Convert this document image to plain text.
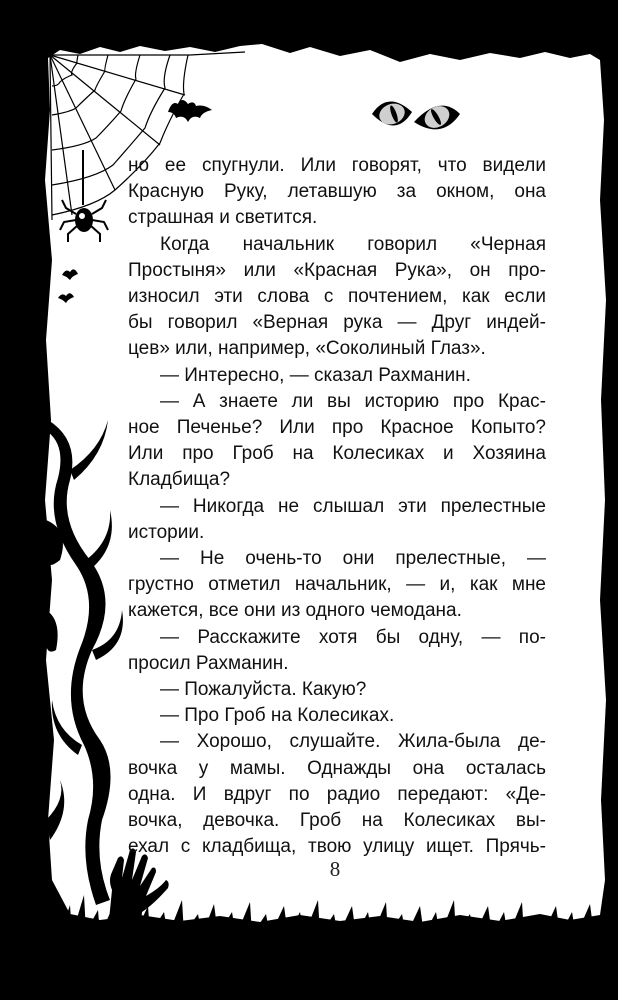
но ее спугнули. Или говорят, что видели
Красную Руку, летавшую за окном, она
страшная и светится.
Когда начальник говорил «Черная
Простыня» или «Красная Рука», он про-
износил эти слова с почтением, как если
бы говорил «Верная рука — Друг индей-
цев» или, например, «Соколиный Глаз».
— Интересно, — сказал Рахманин.
— А знаете ли вы историю про Крас-
ное Печенье? Или про Красное Копыто?
Или про Гроб на Колесиках и Хозяина
Кладбища?
— Никогда не слышал эти прелестные
истории.
— Не очень-то они прелестные, —
грустно отметил начальник, — и, как мне
кажется, все они из одного чемодана.
— Расскажите хотя бы одну, — по-
просил Рахманин.
— Пожалуйста. Какую?
— Про Гроб на Колесиках.
— Хорошо, слушайте. Жила-была де-
вочка у мамы. Однажды она осталась
одна. И вдруг по радио передают: «Де-
вочка, девочка. Гроб на Колесиках вы-
ехал с кладбища, твою улицу ищет. Прячь-
8
